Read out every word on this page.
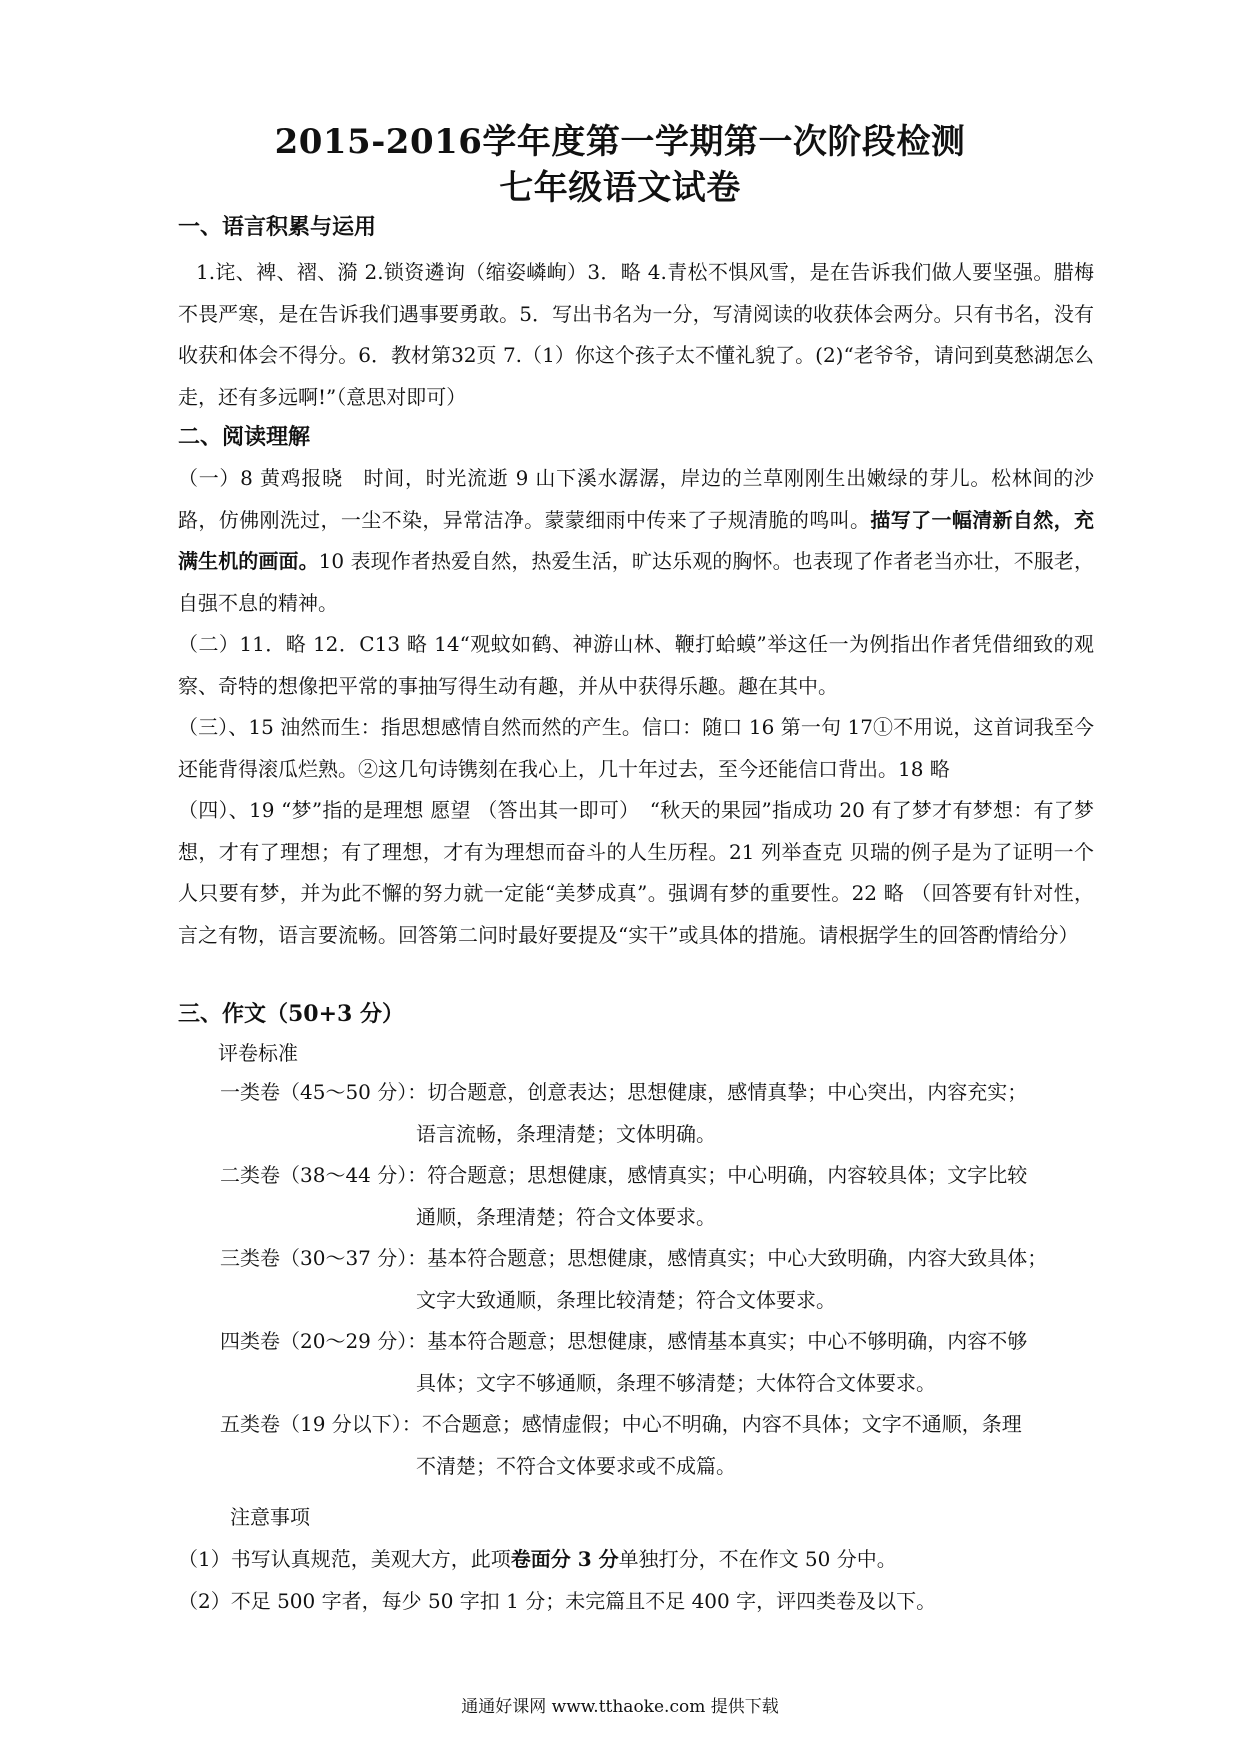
2015-2016学年度第一学期第一次阶段检测
七年级语文试卷
一、语言积累与运用

1.诧、裨、褶、漪 2.锁资遴询（缩姿嶙峋）3．略 4.青松不惧风雪，是在告诉我们做人要坚强。腊梅不畏严寒，是在告诉我们遇事要勇敢。5．写出书名为一分，写清阅读的收获体会两分。只有书名，没有收获和体会不得分。6．教材第32页 7.（1）你这个孩子太不懂礼貌了。(2)“老爷爷，请问到莫愁湖怎么走，还有多远啊!”（意思对即可）

二、阅读理解

（一）8 黄鸡报晓　时间，时光流逝 9 山下溪水潺潺，岸边的兰草刚刚生出嫩绿的芽儿。松林间的沙路，仿佛刚洗过，一尘不染，异常洁净。蒙蒙细雨中传来了子规清脆的鸣叫。描写了一幅清新自然，充满生机的画面。10 表现作者热爱自然，热爱生活，旷达乐观的胸怀。也表现了作者老当亦壮，不服老，自强不息的精神。

（二）11．略 12．C13 略 14“观蚊如鹤、神游山林、鞭打蛤蟆”举这任一为例指出作者凭借细致的观察、奇特的想像把平常的事抽写得生动有趣，并从中获得乐趣。趣在其中。

（三）、15 油然而生：指思想感情自然而然的产生。信口：随口 16 第一句 17①不用说，这首词我至今还能背得滚瓜烂熟。②这几句诗镌刻在我心上，几十年过去，至今还能信口背出。18 略

（四）、19 “梦”指的是理想 愿望 （答出其一即可）　“秋天的果园”指成功 20 有了梦才有梦想：有了梦想，才有了理想；有了理想，才有为理想而奋斗的人生历程。21 列举查克 贝瑞的例子是为了证明一个人只要有梦，并为此不懈的努力就一定能“美梦成真”。强调有梦的重要性。22 略 （回答要有针对性，言之有物，语言要流畅。回答第二问时最好要提及“实干”或具体的措施。请根据学生的回答酌情给分）

三、作文（50+3 分）
评卷标准
一类卷（45～50 分）：切合题意，创意表达；思想健康，感情真挚；中心突出，内容充实；
语言流畅，条理清楚；文体明确。
二类卷（38～44 分）：符合题意；思想健康，感情真实；中心明确，内容较具体；文字比较
通顺，条理清楚；符合文体要求。
三类卷（30～37 分）：基本符合题意；思想健康，感情真实；中心大致明确，内容大致具体；
文字大致通顺，条理比较清楚；符合文体要求。
四类卷（20～29 分）：基本符合题意；思想健康，感情基本真实；中心不够明确，内容不够
具体；文字不够通顺，条理不够清楚；大体符合文体要求。
五类卷（19 分以下）：不合题意；感情虚假；中心不明确，内容不具体；文字不通顺，条理
不清楚；不符合文体要求或不成篇。
注意事项
（1）书写认真规范，美观大方，此项卷面分 3 分单独打分，不在作文 50 分中。
（2）不足 500 字者，每少 50 字扣 1 分；未完篇且不足 400 字，评四类卷及以下。
通通好课网 www.tthaoke.com 提供下载
